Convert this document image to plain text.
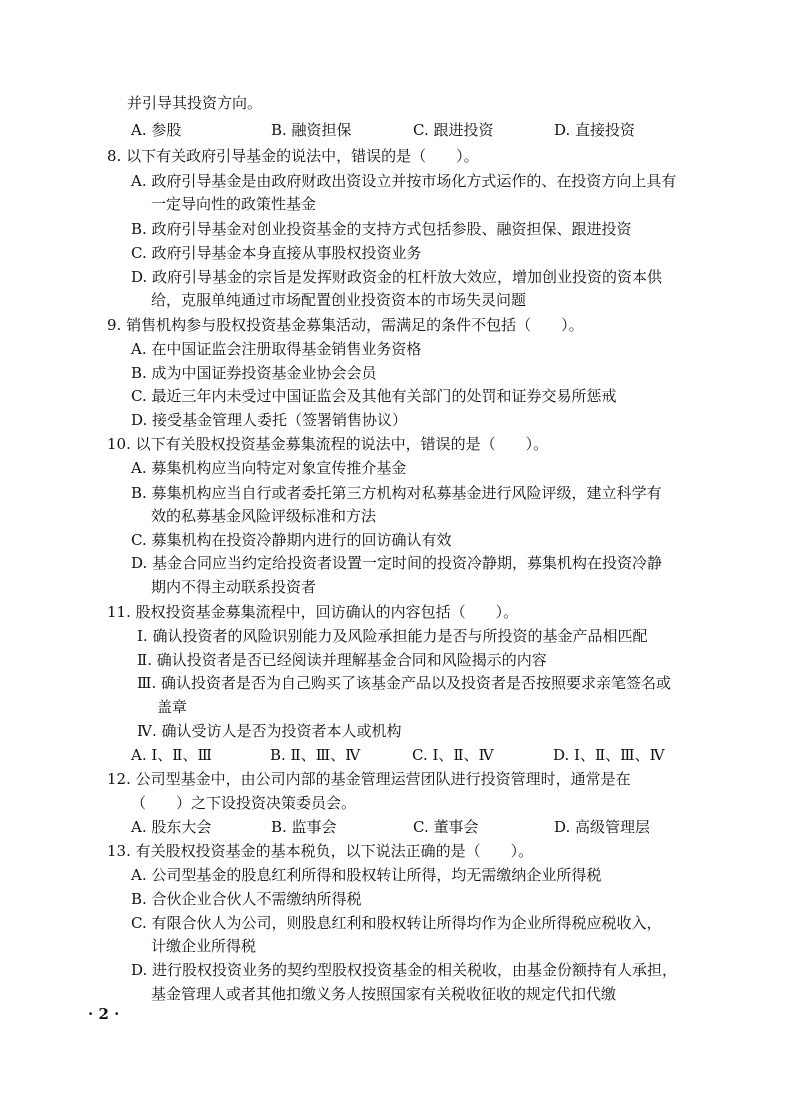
并引导其投资方向。
A. 参股	B. 融资担保	C. 跟进投资	D. 直接投资
8. 以下有关政府引导基金的说法中，错误的是（　　）。
A. 政府引导基金是由政府财政出资设立并按市场化方式运作的、在投资方向上具有
一定导向性的政策性基金
B. 政府引导基金对创业投资基金的支持方式包括参股、融资担保、跟进投资
C. 政府引导基金本身直接从事股权投资业务
D. 政府引导基金的宗旨是发挥财政资金的杠杆放大效应，增加创业投资的资本供
给，克服单纯通过市场配置创业投资资本的市场失灵问题
9. 销售机构参与股权投资基金募集活动，需满足的条件不包括（　　）。
A. 在中国证监会注册取得基金销售业务资格
B. 成为中国证券投资基金业协会会员
C. 最近三年内未受过中国证监会及其他有关部门的处罚和证券交易所惩戒
D. 接受基金管理人委托（签署销售协议）
10. 以下有关股权投资基金募集流程的说法中，错误的是（　　）。
A. 募集机构应当向特定对象宣传推介基金
B. 募集机构应当自行或者委托第三方机构对私募基金进行风险评级，建立科学有
效的私募基金风险评级标准和方法
C. 募集机构在投资冷静期内进行的回访确认有效
D. 基金合同应当约定给投资者设置一定时间的投资冷静期，募集机构在投资冷静
期内不得主动联系投资者
11. 股权投资基金募集流程中，回访确认的内容包括（　　）。
Ⅰ. 确认投资者的风险识别能力及风险承担能力是否与所投资的基金产品相匹配
Ⅱ. 确认投资者是否已经阅读并理解基金合同和风险揭示的内容
Ⅲ. 确认投资者是否为自己购买了该基金产品以及投资者是否按照要求亲笔签名或
盖章
Ⅳ. 确认受访人是否为投资者本人或机构
A. Ⅰ、Ⅱ、Ⅲ	B. Ⅱ、Ⅲ、Ⅳ	C. Ⅰ、Ⅱ、Ⅳ	D. Ⅰ、Ⅱ、Ⅲ、Ⅳ
12. 公司型基金中，由公司内部的基金管理运营团队进行投资管理时，通常是在
（　　）之下设投资决策委员会。
A. 股东大会	B. 监事会	C. 董事会	D. 高级管理层
13. 有关股权投资基金的基本税负，以下说法正确的是（　　）。
A. 公司型基金的股息红利所得和股权转让所得，均无需缴纳企业所得税
B. 合伙企业合伙人不需缴纳所得税
C. 有限合伙人为公司，则股息红利和股权转让所得均作为企业所得税应税收入，
计缴企业所得税
D. 进行股权投资业务的契约型股权投资基金的相关税收，由基金份额持有人承担，
基金管理人或者其他扣缴义务人按照国家有关税收征收的规定代扣代缴
· 2 ·
